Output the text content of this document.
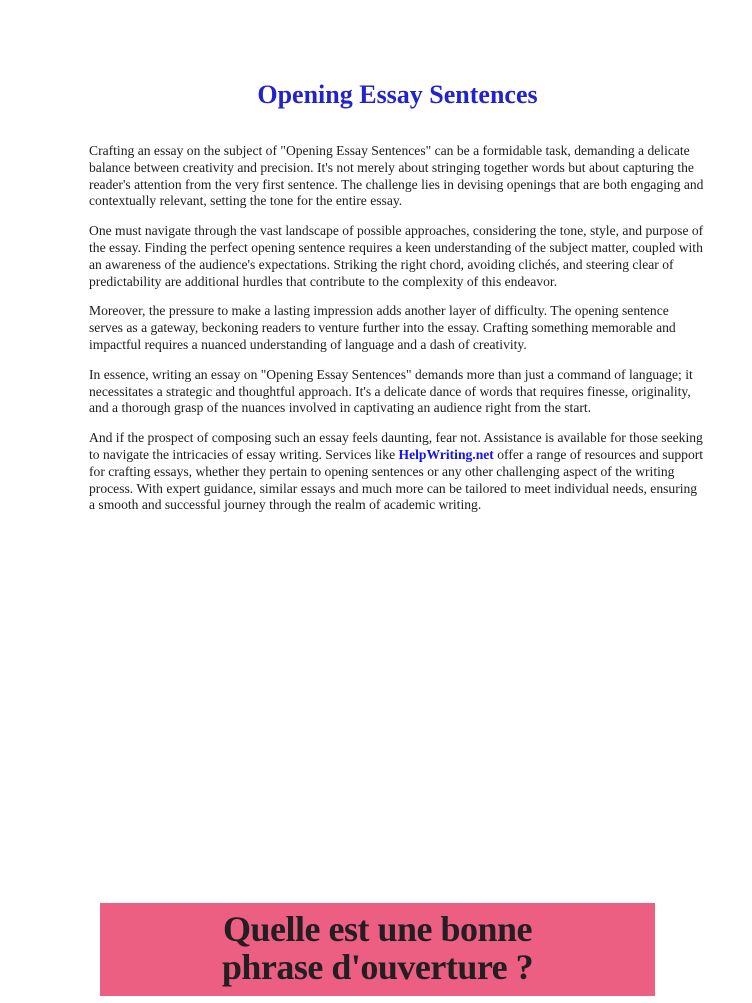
Opening Essay Sentences

Crafting an essay on the subject of "Opening Essay Sentences" can be a formidable task, demanding a delicate balance between creativity and precision. It's not merely about stringing together words but about capturing the reader's attention from the very first sentence. The challenge lies in devising openings that are both engaging and contextually relevant, setting the tone for the entire essay.

One must navigate through the vast landscape of possible approaches, considering the tone, style, and purpose of the essay. Finding the perfect opening sentence requires a keen understanding of the subject matter, coupled with an awareness of the audience's expectations. Striking the right chord, avoiding clichés, and steering clear of predictability are additional hurdles that contribute to the complexity of this endeavor.

Moreover, the pressure to make a lasting impression adds another layer of difficulty. The opening sentence serves as a gateway, beckoning readers to venture further into the essay. Crafting something memorable and impactful requires a nuanced understanding of language and a dash of creativity.

In essence, writing an essay on "Opening Essay Sentences" demands more than just a command of language; it necessitates a strategic and thoughtful approach. It's a delicate dance of words that requires finesse, originality, and a thorough grasp of the nuances involved in captivating an audience right from the start.

And if the prospect of composing such an essay feels daunting, fear not. Assistance is available for those seeking to navigate the intricacies of essay writing. Services like HelpWriting.net offer a range of resources and support for crafting essays, whether they pertain to opening sentences or any other challenging aspect of the writing process. With expert guidance, similar essays and much more can be tailored to meet individual needs, ensuring a smooth and successful journey through the realm of academic writing.

Quelle est une bonne
phrase d'ouverture ?
